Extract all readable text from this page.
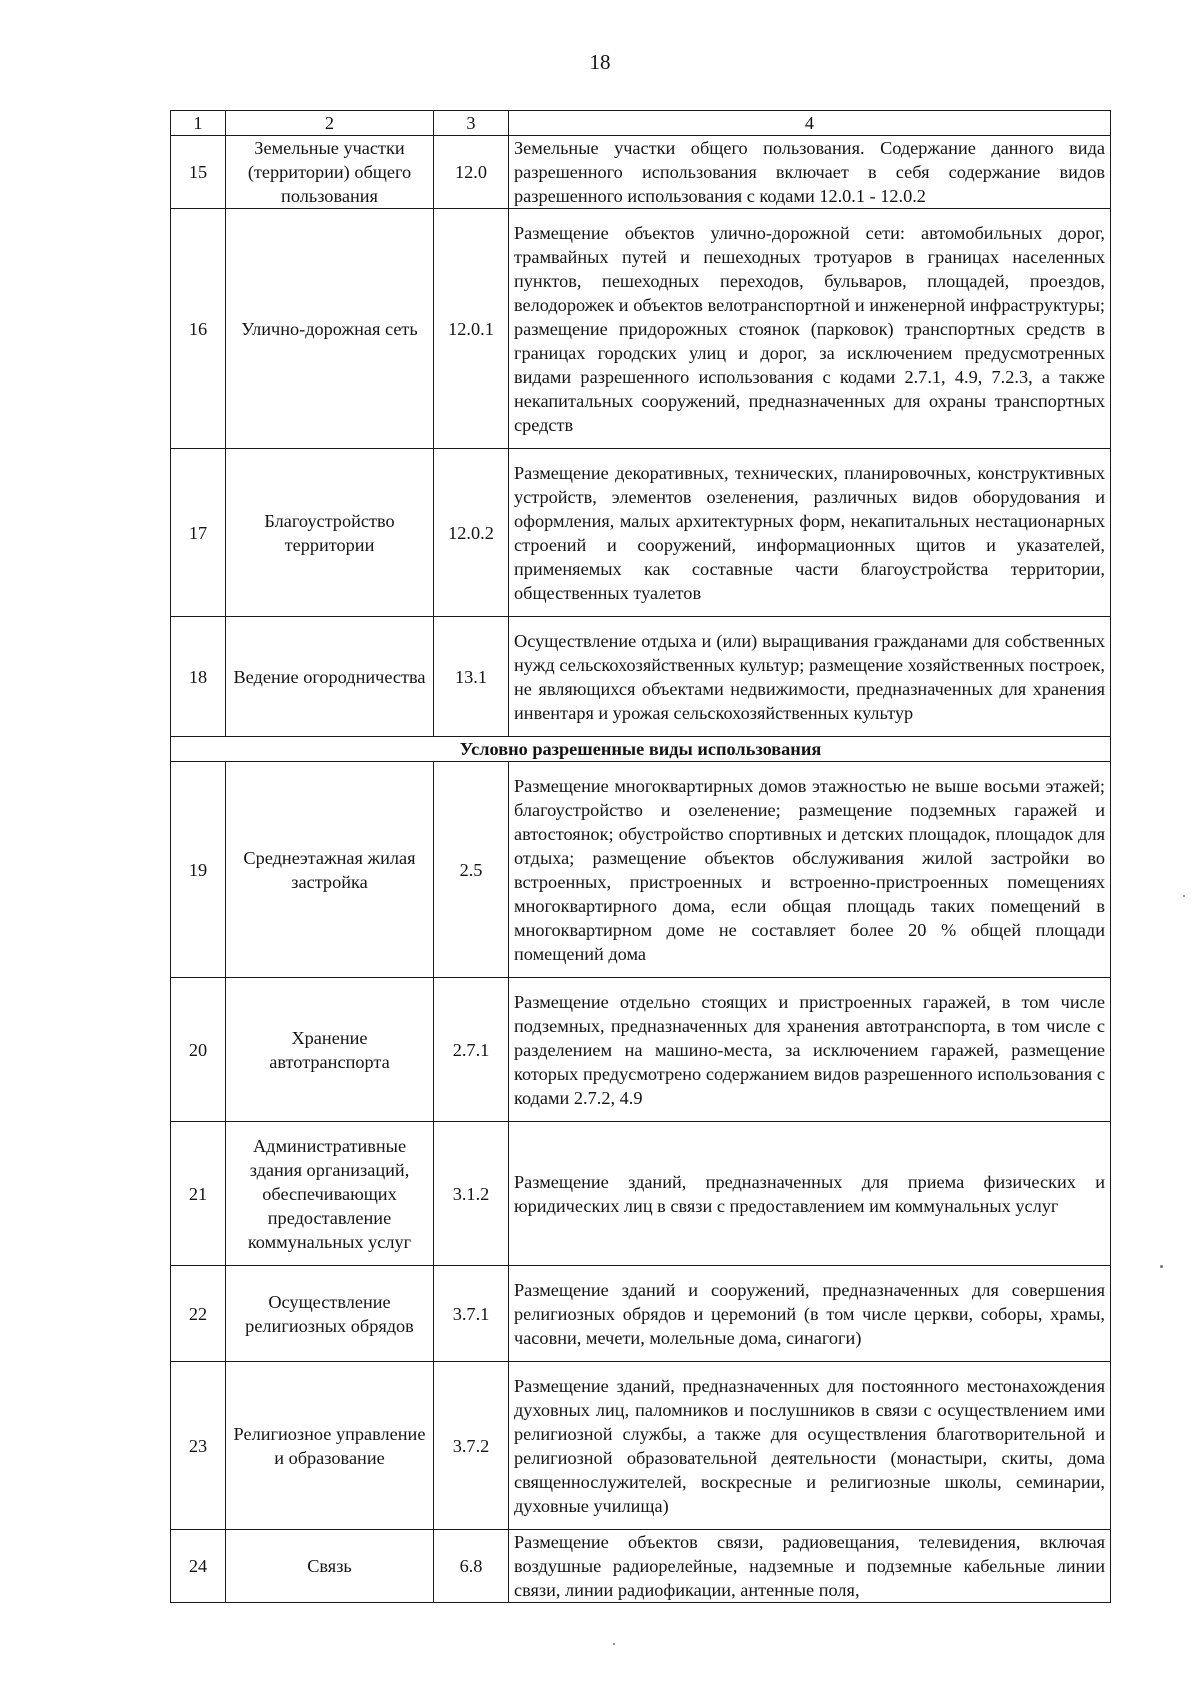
18
1	2	3	4
15	Земельные участки (территории) общего пользования	12.0	Земельные участки общего пользования. Содержание данного вида разрешенного использования включает в себя содержание видов разрешенного использования с кодами 12.0.1 - 12.0.2
16	Улично-дорожная сеть	12.0.1	Размещение объектов улично-дорожной сети: автомобильных дорог, трамвайных путей и пешеходных тротуаров в границах населенных пунктов, пешеходных переходов, бульваров, площадей, проездов, велодорожек и объектов велотранспортной и инженерной инфраструктуры; размещение придорожных стоянок (парковок) транспортных средств в границах городских улиц и дорог, за исключением предусмотренных видами разрешенного использования с кодами 2.7.1, 4.9, 7.2.3, а также некапитальных сооружений, предназначенных для охраны транспортных средств
17	Благоустройство территории	12.0.2	Размещение декоративных, технических, планировочных, конструктивных устройств, элементов озеленения, различных видов оборудования и оформления, малых архитектурных форм, некапитальных нестационарных строений и сооружений, информационных щитов и указателей, применяемых как составные части благоустройства территории, общественных туалетов
18	Ведение огородничества	13.1	Осуществление отдыха и (или) выращивания гражданами для собственных нужд сельскохозяйственных культур; размещение хозяйственных построек, не являющихся объектами недвижимости, предназначенных для хранения инвентаря и урожая сельскохозяйственных культур
Условно разрешенные виды использования			
19	Среднеэтажная жилая застройка	2.5	Размещение многоквартирных домов этажностью не выше восьми этажей; благоустройство и озеленение; размещение подземных гаражей и автостоянок; обустройство спортивных и детских площадок, площадок для отдыха; размещение объектов обслуживания жилой застройки во встроенных, пристроенных и встроенно-пристроенных помещениях многоквартирного дома, если общая площадь таких помещений в многоквартирном доме не составляет более 20 % общей площади помещений дома
20	Хранение автотранспорта	2.7.1	Размещение отдельно стоящих и пристроенных гаражей, в том числе подземных, предназначенных для хранения автотранспорта, в том числе с разделением на машино-места, за исключением гаражей, размещение которых предусмотрено содержанием видов разрешенного использования с кодами 2.7.2, 4.9
21	Административные здания организаций, обеспечивающих предоставление коммунальных услуг	3.1.2	Размещение зданий, предназначенных для приема физических и юридических лиц в связи с предоставлением им коммунальных услуг
22	Осуществление религиозных обрядов	3.7.1	Размещение зданий и сооружений, предназначенных для совершения религиозных обрядов и церемоний (в том числе церкви, соборы, храмы, часовни, мечети, молельные дома, синагоги)
23	Религиозное управление и образование	3.7.2	Размещение зданий, предназначенных для постоянного местонахождения духовных лиц, паломников и послушников в связи с осуществлением ими религиозной службы, а также для осуществления благотворительной и религиозной образовательной деятельности (монастыри, скиты, дома священнослужителей, воскресные и религиозные школы, семинарии, духовные училища)
24	Связь	6.8	Размещение объектов связи, радиовещания, телевидения, включая воздушные радиорелейные, надземные и подземные кабельные линии связи, линии радиофикации, антенные поля,
